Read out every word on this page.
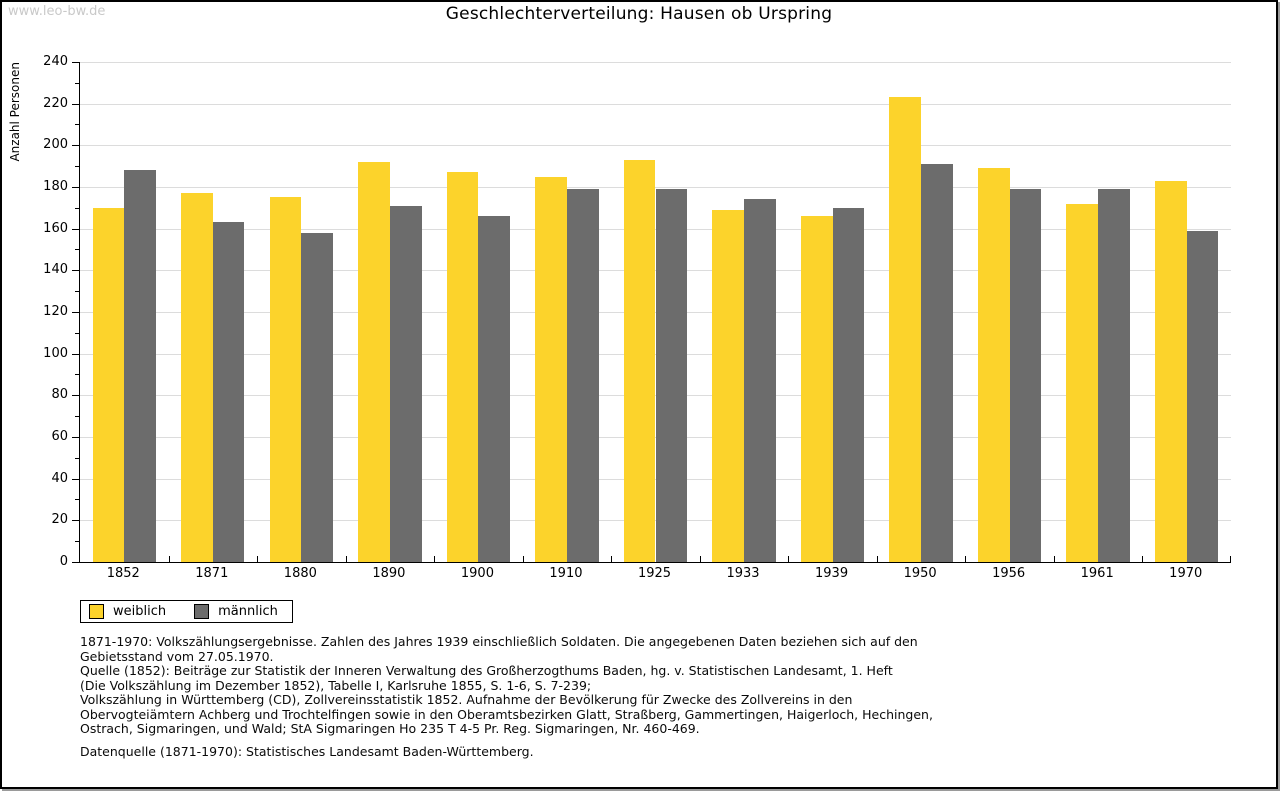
www.leo-bw.de	Geschlechterverteilung: Hausen ob Urspring
Anzahl Personen
0
20
40
60
80
100
120
140
160
180
200
220
240
1852	1871	1880	1890	1900	1910	1925	1933	1939	1950	1956	1961	1970
weiblich	männlich
1871-1970: Volkszählungsergebnisse. Zahlen des Jahres 1939 einschließlich Soldaten. Die angegebenen Daten beziehen sich auf den
Gebietsstand vom 27.05.1970.
Quelle (1852): Beiträge zur Statistik der Inneren Verwaltung des Großherzogthums Baden, hg. v. Statistischen Landesamt, 1. Heft
(Die Volkszählung im Dezember 1852), Tabelle I, Karlsruhe 1855, S. 1-6, S. 7-239;
Volkszählung in Württemberg (CD), Zollvereinsstatistik 1852. Aufnahme der Bevölkerung für Zwecke des Zollvereins in den
Obervogteiämtern Achberg und Trochtelfingen sowie in den Oberamtsbezirken Glatt, Straßberg, Gammertingen, Haigerloch, Hechingen,
Ostrach, Sigmaringen, und Wald; StA Sigmaringen Ho 235 T 4-5 Pr. Reg. Sigmaringen, Nr. 460-469.
Datenquelle (1871-1970): Statistisches Landesamt Baden-Württemberg.
